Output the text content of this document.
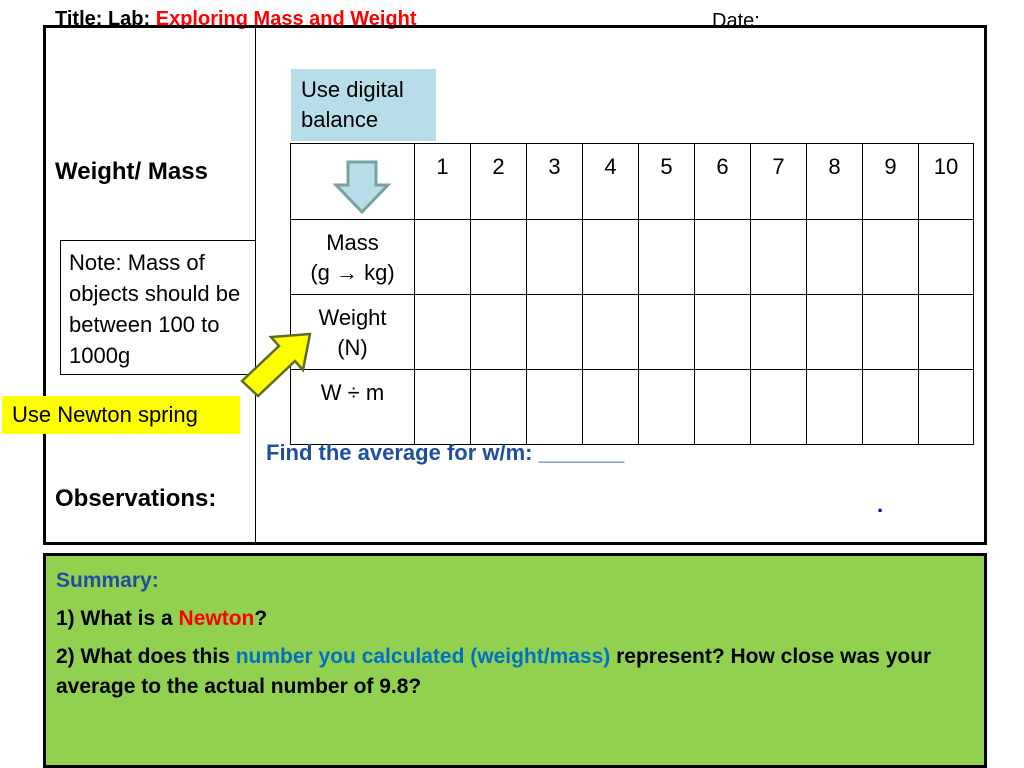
Title: Lab: Exploring Mass and Weight	Date:
Weight/ Mass
Observations:
Note: Mass of objects should be between 100 to 1000g
Use digital balance
	1	2	3	4	5	6	7	8	9	10
Mass
(g → kg)										
Weight
(N)										
W ÷ m										
Use Newton spring
Find the average for w/m: _______
.

Summary:

1) What is a Newton?

2) What does this number you calculated (weight/mass) represent? How close was your average to the actual number of 9.8?
